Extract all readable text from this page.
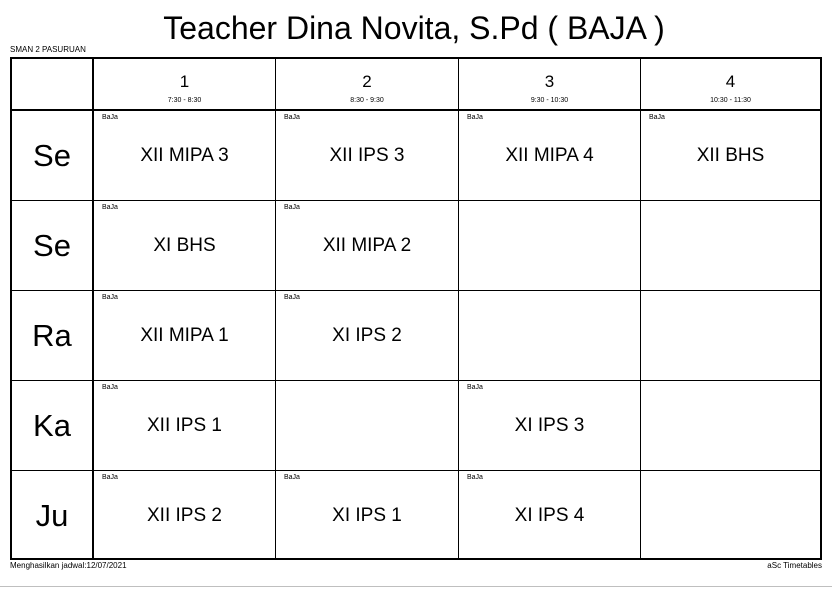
Teacher Dina Novita, S.Pd ( BAJA )
SMAN 2 PASURUAN
1
7:30 - 8:30
2
8:30 - 9:30
3
9:30 - 10:30
4
10:30 - 11:30
Se
BaJa
XII MIPA 3
BaJa
XII IPS 3
BaJa
XII MIPA 4
BaJa
XII BHS
Se
BaJa
XI BHS
BaJa
XII MIPA 2
Ra
BaJa
XII MIPA 1
BaJa
XI IPS 2
Ka
BaJa
XII IPS 1
BaJa
XI IPS 3
Ju
BaJa
XII IPS 2
BaJa
XI IPS 1
BaJa
XI IPS 4
Menghasilkan jadwal:12/07/2021	aSc Timetables
